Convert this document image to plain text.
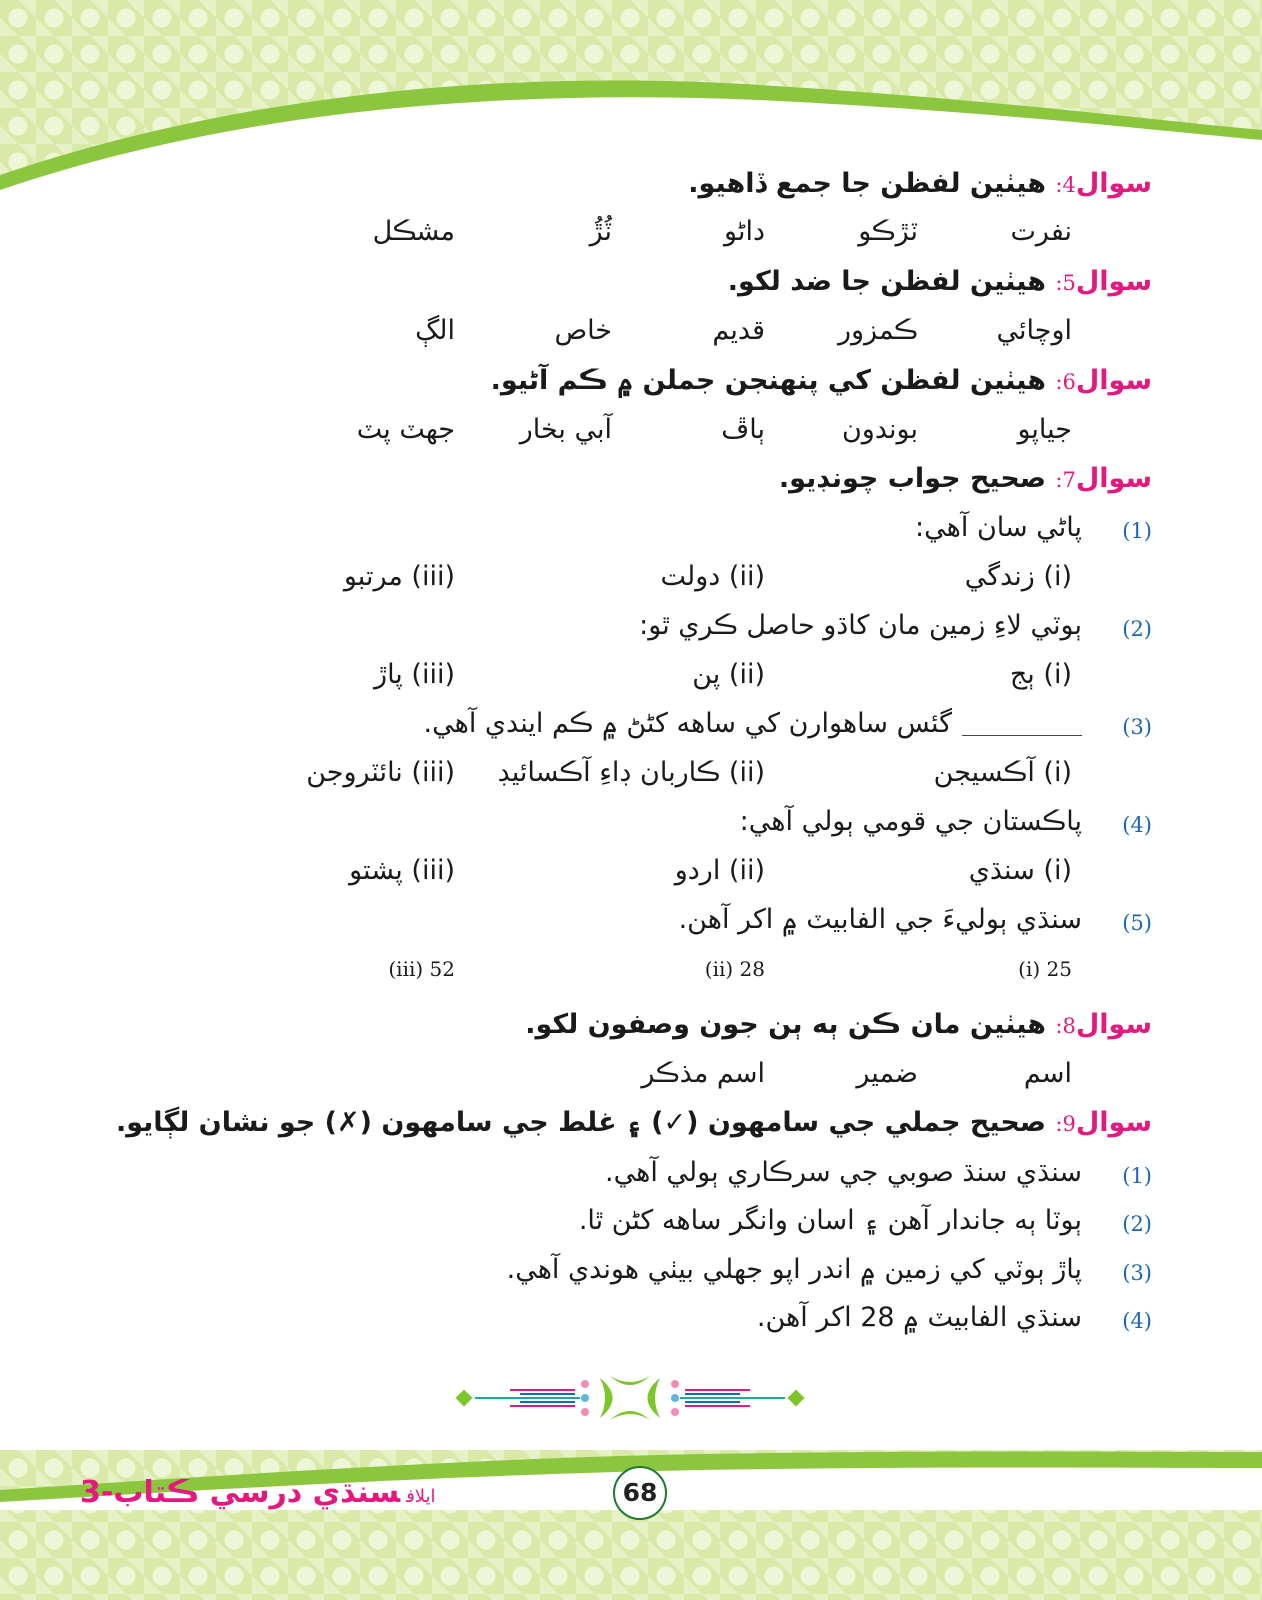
سوال4: هيٺين لفظن جا جمع ڏاهيو.
نفرت
ٽڙڪو
داڻو
ٽُڙُ
مشڪل
سوال5: هيٺين لفظن جا ضد لکو.
اوچائي
ڪمزور
قديم
خاص
الڳ
سوال6: هيٺين لفظن کي پنهنجن جملن ۾ ڪم آڻيو.
جياپو
بوندون
ٻاڦ
آبي بخار
جهٽ پٽ
سوال7: صحيح جواب چونڊيو.
(1)
پاڻي سان آهي:
(i) زندگي
(ii) دولت
(iii) مرتبو
(2)
ٻوٽي لاءِ زمين مان کاڌو حاصل ڪري ٿو:
(i) ٻج
(ii) پن
(iii) پاڙ
(3)
گئس ساهوارن کي ساهه کڻڻ ۾ ڪم ايندي آهي.
(i) آڪسيجن
(ii) ڪاربان ڊاءِ آڪسائيڊ
(iii) نائٽروجن
(4)
پاڪستان جي قومي ٻولي آهي:
(i) سنڌي
(ii) اردو
(iii) پشتو
(5)
سنڌي ٻوليءَ جي الفابيٽ ۾ اکر آهن.
25 (i)
28 (ii)
52 (iii)
سوال8: هيٺين مان ڪن ٻه ٻن جون وصفون لکو.
اسم
ضمير
اسم مذڪر
سوال9: صحيح جملي جي سامهون (✓) ۽ غلط جي سامهون (✗) جو نشان لڳايو.
(1)
سنڌي سنڌ صوبي جي سرڪاري ٻولي آهي.
(2)
ٻوٽا ٻه جاندار آهن ۽ اسان وانگر ساهه کڻن ٿا.
(3)
پاڙ ٻوٽي کي زمين ۾ اندر اپو جهلي بيٺي هوندي آهي.
(4)
سنڌي الفابيٽ ۾ 28 اکر آهن.
ايلافسنڌي درسي ڪتاب-3	68
